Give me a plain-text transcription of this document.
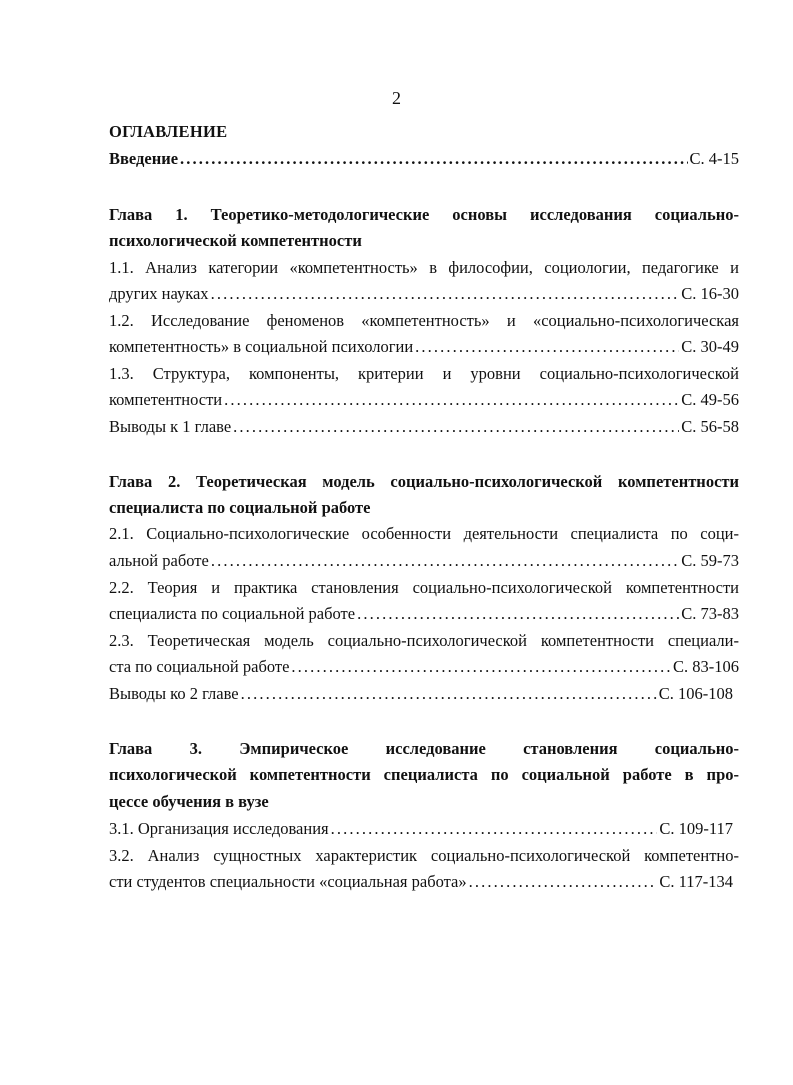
2
ОГЛАВЛЕНИЕ
Введение . . .	С. 4-15
Глава 1. Теоретико-методологические основы исследования социально-
психологической компетентности
1.1. Анализ категории «компетентность» в философии, социологии, педагогике и
других науках . . .	С. 16-30
1.2. Исследование феноменов «компетентность» и «социально-психологическая
компетентность» в социальной психологии . . .	С. 30-49
1.3. Структура, компоненты, критерии и уровни социально-психологической
компетентности . . .	С. 49-56
Выводы к 1 главе . . .	С. 56-58
Глава 2. Теоретическая модель социально-психологической компетентности
специалиста по социальной работе
2.1. Социально-психологические особенности деятельности специалиста по соци-
альной работе . . .	С. 59-73
2.2. Теория и практика становления социально-психологической компетентности
специалиста по социальной работе . . .	С. 73-83
2.3. Теоретическая модель социально-психологической компетентности специали-
ста по социальной работе . . .	С. 83-106
Выводы ко 2 главе . . .	С. 106-108
Глава 3. Эмпирическое исследование становления социально-
психологической компетентности специалиста по социальной работе в про-
цессе обучения в вузе
3.1. Организация исследования . . .	С. 109-117
3.2. Анализ сущностных характеристик социально-психологической компетентно-
сти студентов специальности «социальная работа» . . .	С. 117-134
